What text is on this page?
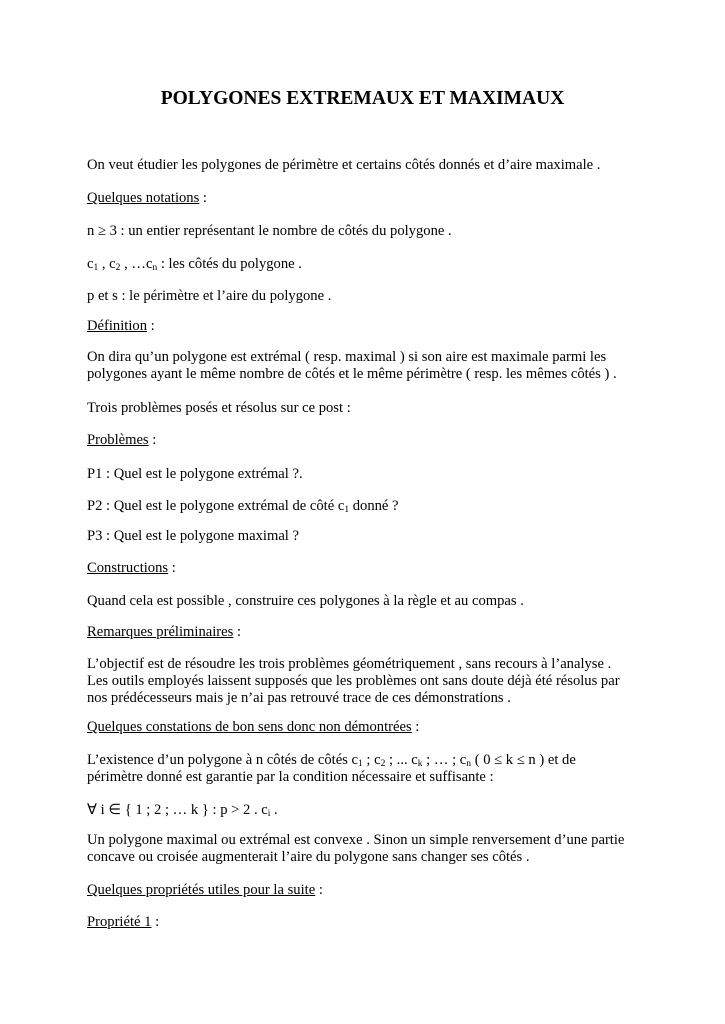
POLYGONES EXTREMAUX ET MAXIMAUX

On veut étudier les polygones de périmètre et certains côtés donnés et d’aire maximale .

Quelques notations :

n ≥ 3 : un entier représentant le nombre de côtés du polygone .

$c_1$ , $c_2$ , $\dots c_n$ : les côtés du polygone .

p et s : le périmètre et l’aire du polygone .

Définition :

On dira qu’un polygone est extrémal ( resp. maximal ) si son aire est maximale parmi les polygones ayant le même nombre de côtés et le même périmètre ( resp. les mêmes côtés ) .

Trois problèmes posés et résolus sur ce post :

Problèmes :

P1 : Quel est le polygone extrémal ?.

P2 : Quel est le polygone extrémal de côté $c_1$ donné ?

P3 : Quel est le polygone maximal ?

Constructions :

Quand cela est possible , construire ces polygones à la règle et au compas .

Remarques préliminaires :

L’objectif est de résoudre les trois problèmes géométriquement , sans recours à l’analyse . Les outils employés laissent supposés que les problèmes ont sans doute déjà été résolus par nos prédécesseurs mais je n’ai pas retrouvé trace de ces démonstrations .

Quelques constations de bon sens donc non démontrées :

L’existence d’un polygone à n côtés de côtés $c_1$ ; $c_2$ ; ... $c_k$ ; … ; $c_n$ ( 0 ≤ k ≤ n ) et de périmètre donné est garantie par la condition nécessaire et suffisante :

∀ i ∈ { 1 ; 2 ; … k } : p > 2 . $c_i$ .

Un polygone maximal ou extrémal est convexe . Sinon un simple renversement d’une partie concave ou croisée augmenterait l’aire du polygone sans changer ses côtés .

Quelques propriétés utiles pour la suite :

Propriété 1 :
